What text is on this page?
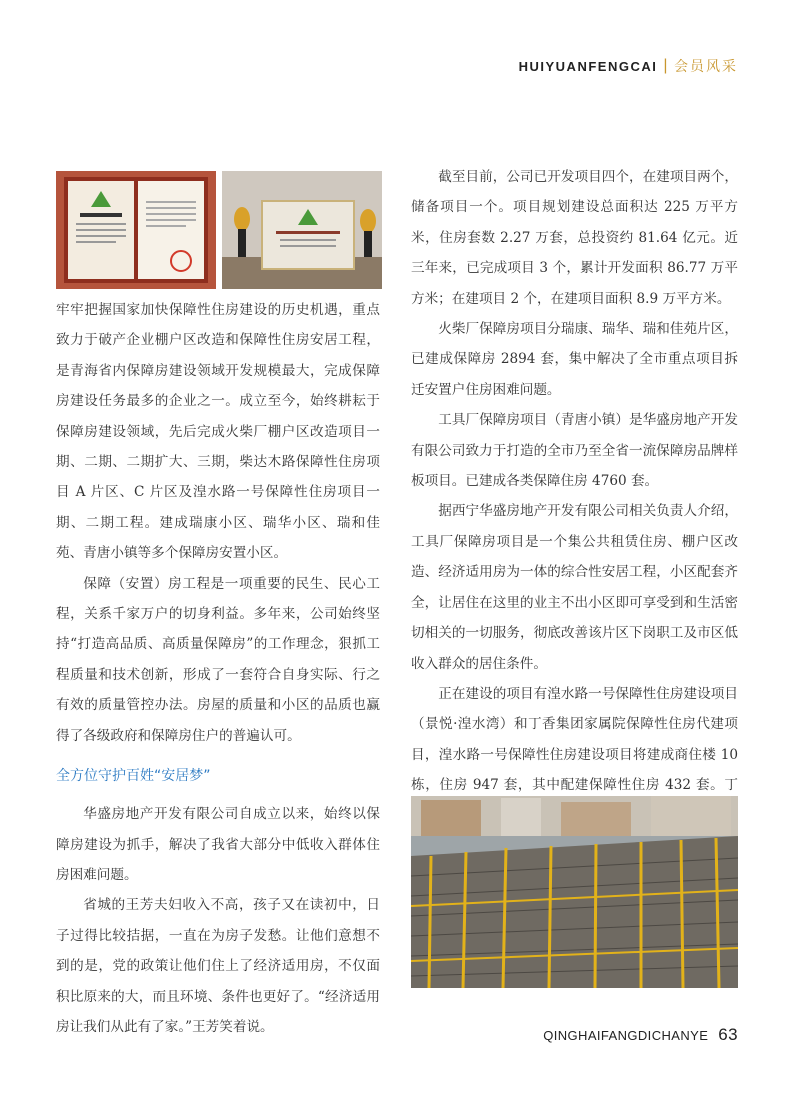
HUIYUANFENGCAI | 会员风采

牢牢把握国家加快保障性住房建设的历史机遇，重点致力于破产企业棚户区改造和保障性住房安居工程，是青海省内保障房建设领域开发规模最大，完成保障房建设任务最多的企业之一。成立至今，始终耕耘于保障房建设领域，先后完成火柴厂棚户区改造项目一期、二期、二期扩大、三期，柴达木路保障性住房项目 A 片区、C 片区及湟水路一号保障性住房项目一期、二期工程。建成瑞康小区、瑞华小区、瑞和佳苑、青唐小镇等多个保障房安置小区。

保障（安置）房工程是一项重要的民生、民心工程，关系千家万户的切身利益。多年来，公司始终坚持“打造高品质、高质量保障房”的工作理念，狠抓工程质量和技术创新，形成了一套符合自身实际、行之有效的质量管控办法。房屋的质量和小区的品质也赢得了各级政府和保障房住户的普遍认可。

全方位守护百姓“安居梦”

华盛房地产开发有限公司自成立以来，始终以保障房建设为抓手，解决了我省大部分中低收入群体住房困难问题。

省城的王芳夫妇收入不高，孩子又在读初中，日子过得比较拮据，一直在为房子发愁。让他们意想不到的是，党的政策让他们住上了经济适用房，不仅面积比原来的大，而且环境、条件也更好了。“经济适用房让我们从此有了家。”王芳笑着说。

截至目前，公司已开发项目四个，在建项目两个，储备项目一个。项目规划建设总面积达 225 万平方米，住房套数 2.27 万套，总投资约 81.64 亿元。近三年来，已完成项目 3 个，累计开发面积 86.77 万平方米；在建项目 2 个，在建项目面积 8.9 万平方米。

火柴厂保障房项目分瑞康、瑞华、瑞和佳苑片区，已建成保障房 2894 套，集中解决了全市重点项目拆迁安置户住房困难问题。

工具厂保障房项目（青唐小镇）是华盛房地产开发有限公司致力于打造的全市乃至全省一流保障房品牌样板项目。已建成各类保障住房 4760 套。

据西宁华盛房地产开发有限公司相关负责人介绍，工具厂保障房项目是一个集公共租赁住房、棚户区改造、经济适用房为一体的综合性安居工程，小区配套齐全，让居住在这里的业主不出小区即可享受到和生活密切相关的一切服务，彻底改善该片区下岗职工及市区低收入群众的居住条件。

正在建设的项目有湟水路一号保障性住房建设项目（景悦·湟水湾）和丁香集团家属院保障性住房代建项目，湟水路一号保障性住房建设项目将建成商住楼 10 栋，住房 947 套，其中配建保障性住房 432 套。丁

QINGHAIFANGDICHANYE 63
